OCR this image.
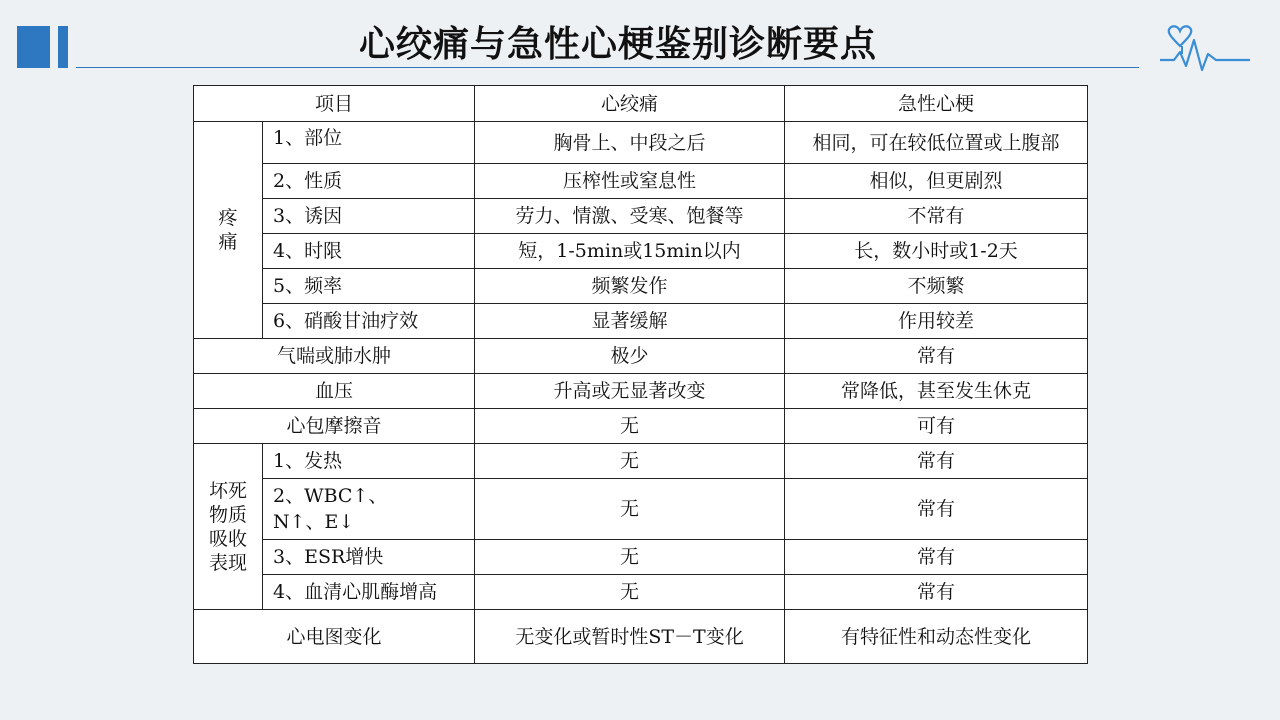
心绞痛与急性心梗鉴别诊断要点
项目		心绞痛	急性心梗

疼痛	1、部位	胸骨上、中段之后	相同，可在较低位置或上腹部
	2、性质	压榨性或窒息性	相似，但更剧烈
	3、诱因	劳力、情激、受寒、饱餐等	不常有
	4、时限	短，1-5min或15min以内	长，数小时或1-2天
	5、频率	频繁发作	不频繁
	6、硝酸甘油疗效	显著缓解	作用较差
气喘或肺水肿		极少	常有
血压		升高或无显著改变	常降低，甚至发生休克
心包摩擦音		无	可有

坏死物质吸收表现	1、发热	无	常有

	2、WBC↑、N↑、E↓	无	常有
	3、ESR增快	无	常有
	4、血清心肌酶增高	无	常有
心电图变化		无变化或暂时性ST－T变化	有特征性和动态性变化
